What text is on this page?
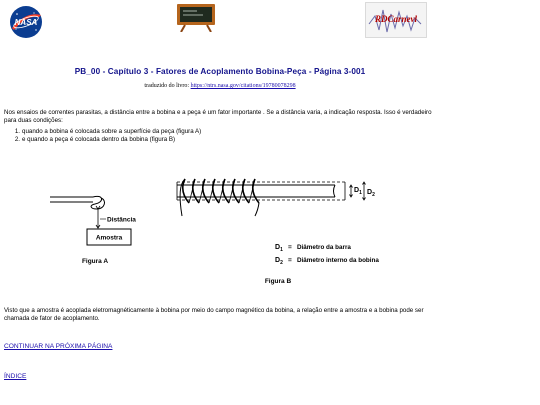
NASA	RDCarnevl
PB_00 - Capítulo 3 - Fatores de Acoplamento Bobina-Peça - Página 3-001
traduzido do livro: https://ntrs.nasa.gov/citations/19780078298
Nos ensaios de correntes parasitas, a distância entre a bobina e a peça é um fator importante . Se a distância varia, a indicação resposta. Isso é verdadeiro para duas condições:
1. quando a bobina é colocada sobre a superfície da peça (figura A)
2. e quando a peça é colocada dentro da bobina (figura B)
Distância
Amostra
Figura A
$D_1$ $D_2$
$D_1$ = Diâmetro da barra
$D_2$ = Diâmetro interno da bobina
Figura B
Visto que a amostra é acoplada eletromagnéticamente à bobina por meio do campo magnético da bobina, a relação entre a amostra e a bobina pode ser chamada de fator de acoplamento.
CONTINUAR NA PRÓXIMA PÁGINA
ÍNDICE
